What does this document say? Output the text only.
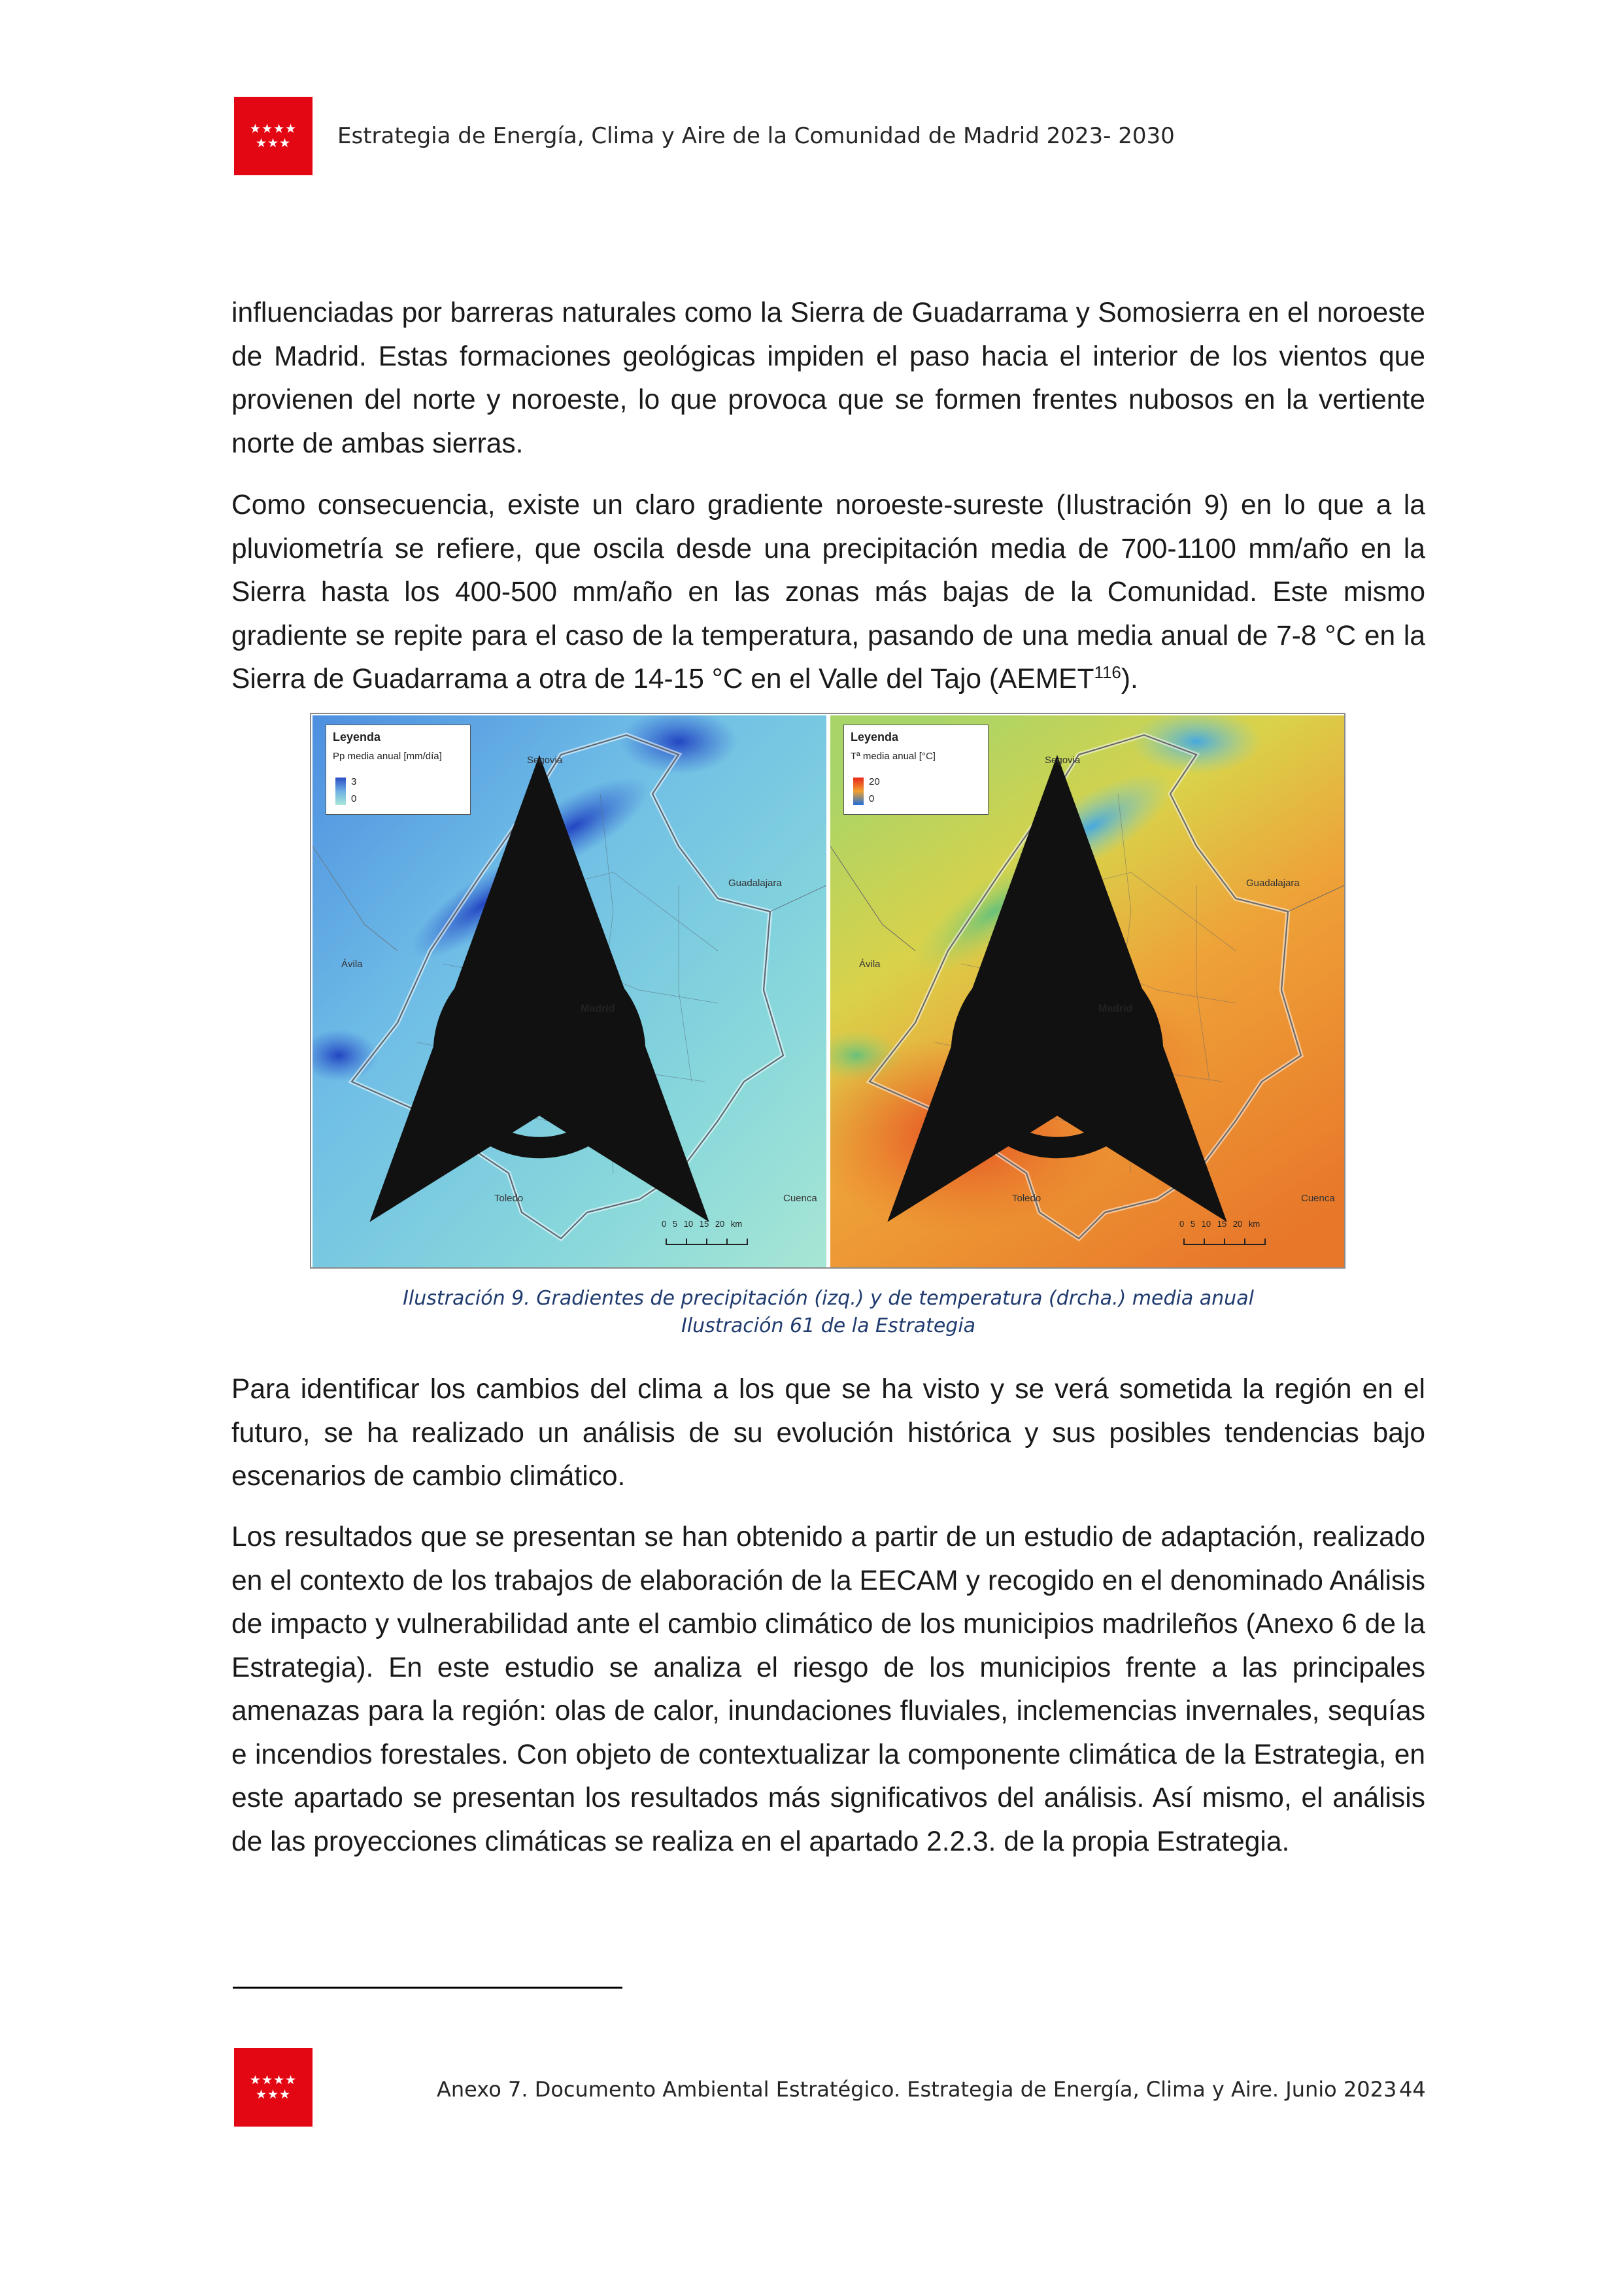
★★★★
★★★ Estrategia de Energía, Clima y Aire de la Comunidad de Madrid 2023- 2030

influenciadas por barreras naturales como la Sierra de Guadarrama y Somosierra en el noroeste de Madrid. Estas formaciones geológicas impiden el paso hacia el interior de los vientos que provienen del norte y noroeste, lo que provoca que se formen frentes nubosos en la vertiente norte de ambas sierras.

Como consecuencia, existe un claro gradiente noroeste-sureste (Ilustración 9) en lo que a la pluviometría se refiere, que oscila desde una precipitación media de 700-1100 mm/año en la Sierra hasta los 400-500 mm/año en las zonas más bajas de la Comunidad. Este mismo gradiente se repite para el caso de la temperatura, pasando de una media anual de 7-8 °C en la Sierra de Guadarrama a otra de 14-15 °C en el Valle del Tajo (AEMET$^{116}$).

Leyenda
Pp media anual [mm/día]
3
0
Segovia
Guadalajara
Ávila
Madrid
Toledo	Cuenca
0 5 10 15 20 km
Leyenda
Tª media anual [°C]
20
0
Segovia
Guadalajara
Ávila
Madrid
Toledo	Cuenca
0 5 10 15 20 km
Ilustración 9. Gradientes de precipitación (izq.) y de temperatura (drcha.) media anual
Ilustración 61 de la Estrategia

Para identificar los cambios del clima a los que se ha visto y se verá sometida la región en el futuro, se ha realizado un análisis de su evolución histórica y sus posibles tendencias bajo escenarios de cambio climático.

Los resultados que se presentan se han obtenido a partir de un estudio de adaptación, realizado en el contexto de los trabajos de elaboración de la EECAM y recogido en el denominado Análisis de impacto y vulnerabilidad ante el cambio climático de los municipios madrileños (Anexo 6 de la Estrategia). En este estudio se analiza el riesgo de los municipios frente a las principales amenazas para la región: olas de calor, inundaciones fluviales, inclemencias invernales, sequías e incendios forestales. Con objeto de contextualizar la componente climática de la Estrategia, en este apartado se presentan los resultados más significativos del análisis. Así mismo, el análisis de las proyecciones climáticas se realiza en el apartado 2.2.3. de la propia Estrategia.

★★★★
★★★	Anexo 7. Documento Ambiental Estratégico. Estrategia de Energía, Clima y Aire. Junio 2023 44
